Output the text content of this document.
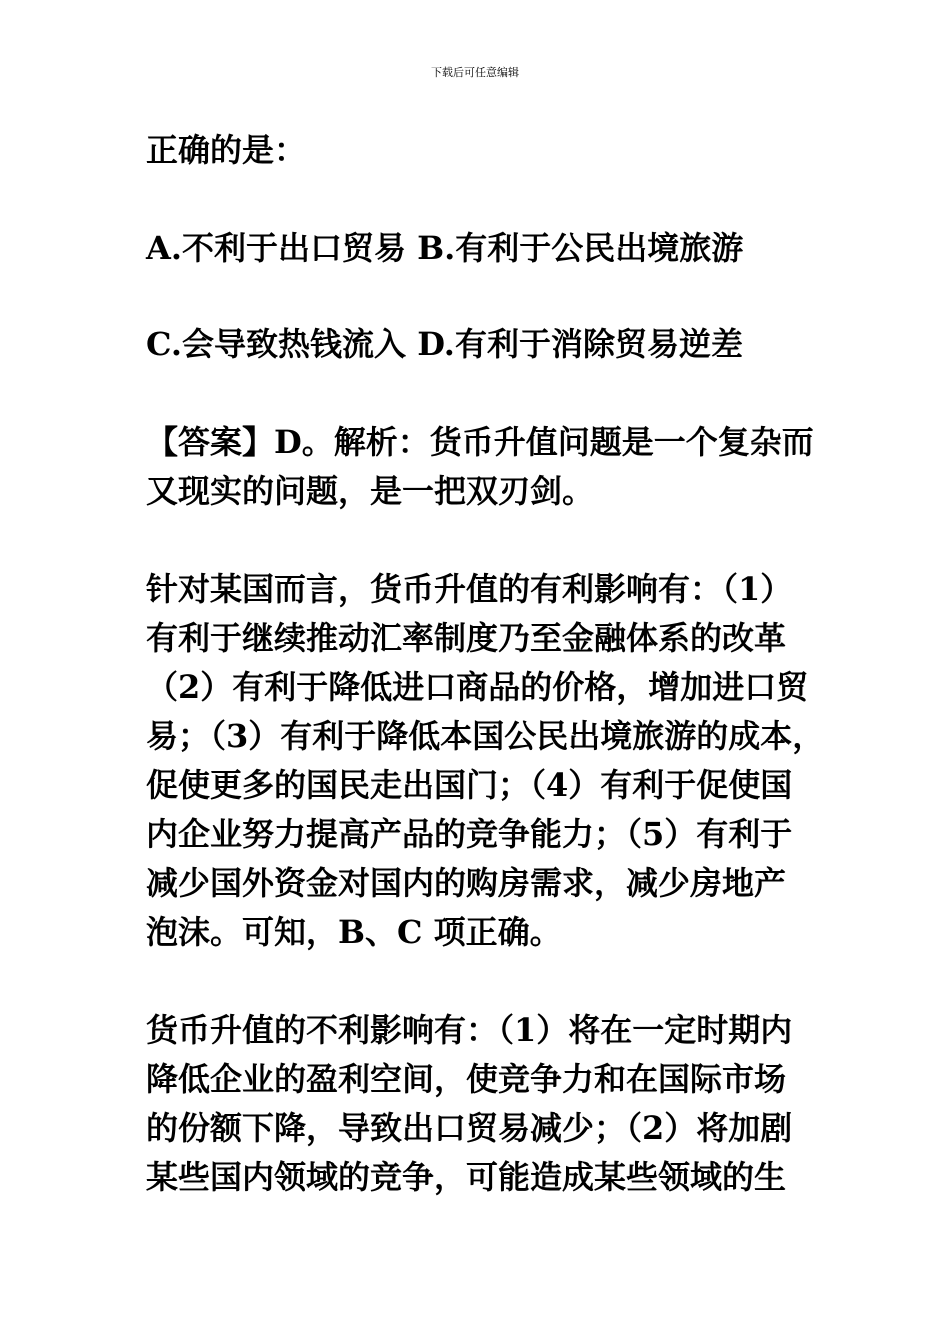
下载后可任意编辑

正确的是：

A.不利于出口贸易 B.有利于公民出境旅游

C.会导致热钱流入 D.有利于消除贸易逆差

【答案】D。解析：货币升值问题是一个复杂而
又现实的问题，是一把双刃剑。
针对某国而言，货币升值的有利影响有：（1）
有利于继续推动汇率制度乃至金融体系的改革
（2）有利于降低进口商品的价格，增加进口贸
易；（3）有利于降低本国公民出境旅游的成本，
促使更多的国民走出国门；（4）有利于促使国
内企业努力提高产品的竞争能力；（5）有利于
减少国外资金对国内的购房需求，减少房地产
泡沫。可知，B、C 项正确。
货币升值的不利影响有：（1）将在一定时期内
降低企业的盈利空间，使竞争力和在国际市场
的份额下降，导致出口贸易减少；（2）将加剧
某些国内领域的竞争，可能造成某些领域的生
